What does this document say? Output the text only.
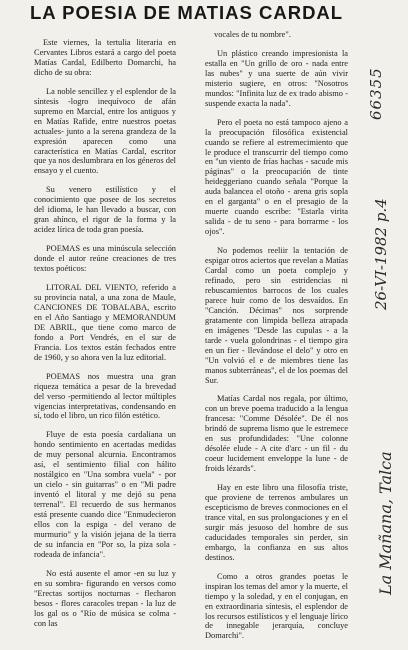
LA POESIA DE MATIAS CARDAL

Este viernes, la tertulia literaria en Cervantes Libros estará a cargo del poeta Matías Cardal, Edilberto Domarchi, ha dicho de su obra:

La noble sencillez y el esplendor de la síntesis -logro inequívoco de afán supremo en Marcial, entre los antiguos y en Matías Rafide, entre nuestros poetas actuales- junto a la serena grandeza de la expresión aparecen como una característica en Matías Cardal, escritor que ya nos deslumbrara en los géneros del ensayo y el cuento.

Su venero estilístico y el conocimiento que posee de los secretos del idioma, le han llevado a buscar, con gran ahínco, el rigor de la forma y la acidez lírica de toda gran poesía.

POEMAS es una minúscula selección donde el autor reúne creaciones de tres textos poéticos:

LITORAL DEL VIENTO, referido a su provincia natal, a una zona de Maule, CANCIONES DE TOBALABA, escrito en el Año Santiago y MEMORANDUM DE ABRIL, que tiene como marco de fondo a Port Vendrés, en el sur de Francia. Los textos están fechados entre de 1960, y so ahora ven la luz editorial.

POEMAS nos muestra una gran riqueza temática a pesar de la brevedad del verso -permitiendo al lector múltiples vigencias interpretativas, condensando en sí, todo el libro, un rico filón estético.

Fluye de esta poesía cardaliana un hondo sentimiento en acertadas medidas de muy personal alcurnia. Encontramos así, el sentimiento filial con hálito nostálgico en "Una sombra vuela" - por un cielo - sin guitarras" o en "Mi padre inventó el litoral y me dejó su pena terrenal". El recuerdo de sus hermanos está presente cuando dice "Enmudecieron ellos con la espiga - del verano de murmurio" y la visión jejana de la tierra de su infancia en "Por so, la piza sola - rodeada de infancia".

No está ausente el amor -en su luz y en su sombra- figurando en versos como "Erectas sortijos nocturnas - flecharon besos - flores caracoles trepan - la luz de los gal os o "Río de música se colma - con las

vocales de tu nombre".

Un plástico creando impresionista la estalla en "Un grillo de oro - nada entre las nubes" y una suerte de aún vivir misterio sugiere, en otros: "Nosotros mundos: "Infinita luz de ex trado abismo - suspende exacta la nada".

Pero el poeta no está tampoco ajeno a la preocupación filosófica existencial cuando se refiere al estremecimiento que le produce el transcurrir del tiempo como en "un viento de frías hachas - sacude mis páginas" o la preocupación de tinte heideggeriano cuando señala "Porque la auda balancea el otoño - arena gris sopla en el garganta" o en el presagio de la muerte cuando escribe: "Estarla virita salida - de tu seno - para borrarme - los ojos".

No podemos reeliir la tentación de espigar otros aciertos que revelan a Matías Cardal como un poeta complejo y refinado, pero sin estridencias ni rebuscamientos barrocos de los cuales parece huir como de los desvaídos. En "Canción. Décimas" nos sorprende gratamente con limpida belleza atrapada en imágenes "Desde las cupulas - a la tarde - vuela golondrinas - el tiempo gira en un fier - llevándose el delo" y otro en "Un volvió el e de miembres tiene las manos subterráneas", el de los poemas del Sur.

Matías Cardal nos regala, por último, con un breve poema traducido a la lengua francesa: "Comme Désolée". De él nos brindó de suprema lismo que le estremece en sus profundidades: "Une colonne désolée elude - A cite d'arc - un fil - du coeur lucidement enveloppe la lune - de froids lézards".

Hay en este libro una filosofía triste, que proviene de terrenos ambulares un escepticismo de breves conmociones en el trance vital, en sus prolongaciones y en el surgir más jesuoso del hombre de sus caducidades temporales sin perder, sin embargo, la confianza en sus altos destinos.

Como a otros grandes poetas le inspiran los temas del amor y la muerte, el tiempo y la soledad, y en el conjugan, en en extraordinaria síntesis, el esplendor de los recursos estilísticos y el lenguaje lírico de innegable jerarquía, concluye Domarchi".

66355
26-VI-1982 p.4
La Mañana, Talca
